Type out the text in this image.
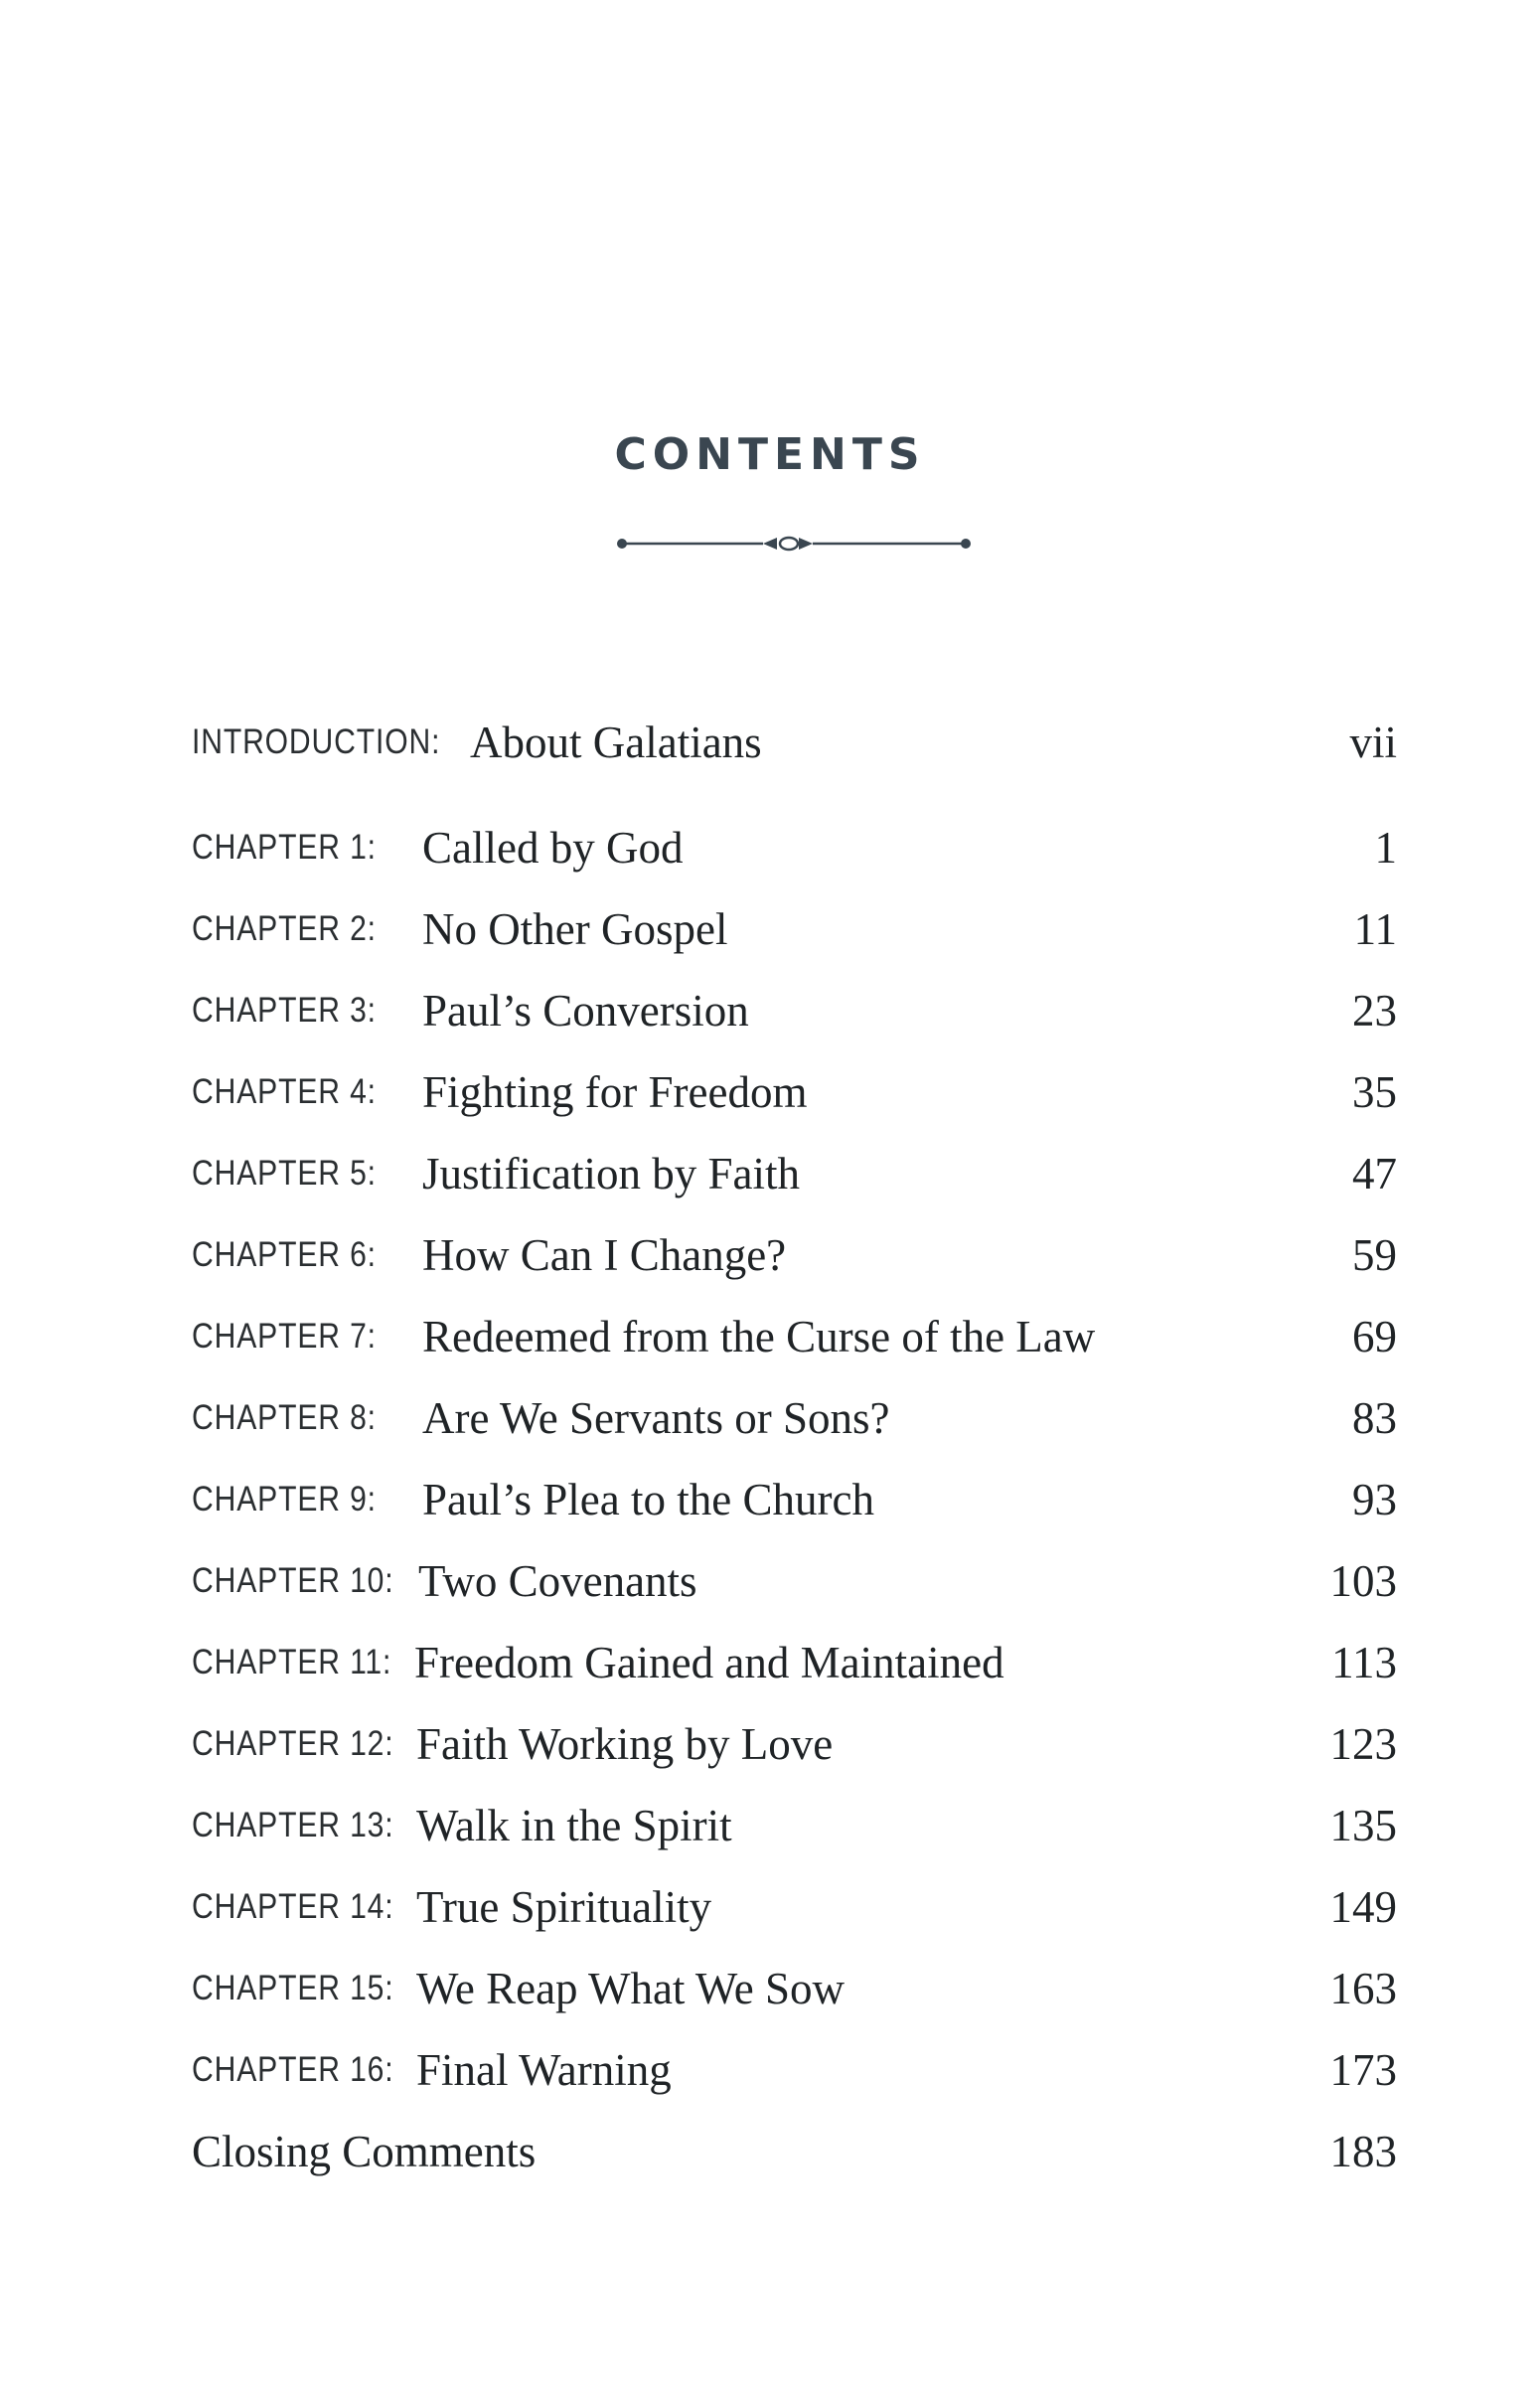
CONTENTS
INTRODUCTION: About Galatians	vii
CHAPTER 1: Called by God	1
CHAPTER 2: No Other Gospel	11
CHAPTER 3: Paul’s Conversion	23
CHAPTER 4: Fighting for Freedom	35
CHAPTER 5: Justification by Faith	47
CHAPTER 6: How Can I Change?	59
CHAPTER 7: Redeemed from the Curse of the Law	69
CHAPTER 8: Are We Servants or Sons?	83
CHAPTER 9: Paul’s Plea to the Church	93
CHAPTER 10: Two Covenants	103
CHAPTER 11: Freedom Gained and Maintained	113
CHAPTER 12: Faith Working by Love	123
CHAPTER 13: Walk in the Spirit	135
CHAPTER 14: True Spirituality	149
CHAPTER 15: We Reap What We Sow	163
CHAPTER 16: Final Warning	173
Closing Comments	183
